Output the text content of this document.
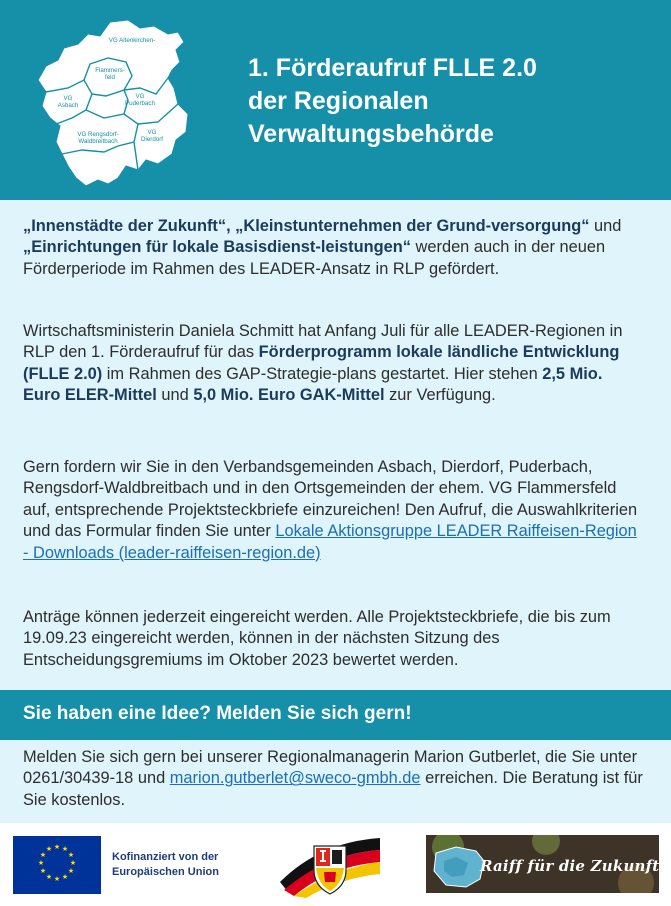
VG Altenkirchen-
VG
Asbach
Flammers-
feld
VG
Puderbach
VG Rengsdorf-
Waldbreitbach
VG
Dierdorf
1. Förderaufruf FLLE 2.0
der Regionalen
Verwaltungsbehörde
„Innenstädte der Zukunft“, „Kleinstunternehmen der Grund-versorgung“ und „Einrichtungen für lokale Basisdienst-leistungen“ werden auch in der neuen Förderperiode im Rahmen des LEADER-Ansatz in RLP gefördert.
Wirtschaftsministerin Daniela Schmitt hat Anfang Juli für alle LEADER-Regionen in RLP den 1. Förderaufruf für das Förderprogramm lokale ländliche Entwicklung (FLLE 2.0) im Rahmen des GAP-Strategie-plans gestartet. Hier stehen 2,5 Mio. Euro ELER-Mittel und 5,0 Mio. Euro GAK-Mittel zur Verfügung.
Gern fordern wir Sie in den Verbandsgemeinden Asbach, Dierdorf, Puderbach, Rengsdorf-Waldbreitbach und in den Ortsgemeinden der ehem. VG Flammersfeld auf, entsprechende Projektsteckbriefe einzureichen! Den Aufruf, die Auswahlkriterien und das Formular finden Sie unter Lokale Aktionsgruppe LEADER Raiffeisen-Region - Downloads (leader-raiffeisen-region.de)
Anträge können jederzeit eingereicht werden. Alle Projektsteckbriefe, die bis zum 19.09.23 eingereicht werden, können in der nächsten Sitzung des Entscheidungsgremiums im Oktober 2023 bewertet werden.
Sie haben eine Idee? Melden Sie sich gern!
Melden Sie sich gern bei unserer Regionalmanagerin Marion Gutberlet, die Sie unter 0261/30439-18 und marion.gutberlet@sweco-gmbh.de erreichen. Die Beratung ist für Sie kostenlos.
★ ★
★
★
★
★
★
★
★
★
★
★
Kofinanziert von der
Europäischen Union	Raiff für die Zukunft.
